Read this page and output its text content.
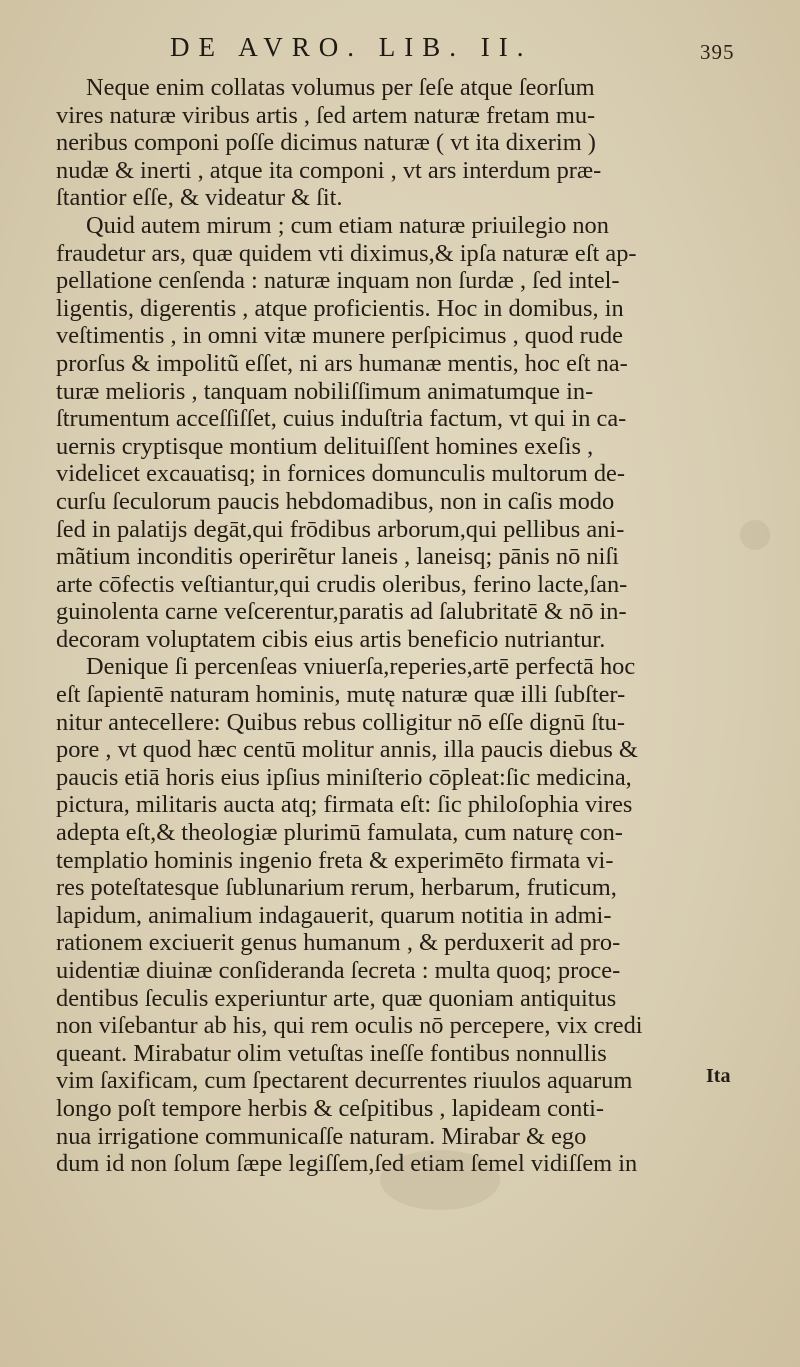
DE AVRO. LIB. II.	395
Neque enim collatas volumus per ſeſe atque ſeorſum
vires naturæ viribus artis , ſed artem naturæ fretam mu-
neribus componi poſſe dicimus naturæ ( vt ita dixerim )
nudæ & inerti , atque ita componi , vt ars interdum præ-
ſtantior eſſe, & videatur & ſit.
Quid autem mirum ; cum etiam naturæ priuilegio non
fraudetur ars, quæ quidem vti diximus,& ipſa naturæ eſt ap-
pellatione cenſenda : naturæ inquam non ſurdæ , ſed intel-
ligentis, digerentis , atque proficientis. Hoc in domibus, in
veſtimentis , in omni vitæ munere perſpicimus , quod rude
prorſus & impolitũ eſſet, ni ars humanæ mentis, hoc eſt na-
turæ melioris , tanquam nobiliſſimum animatumque in-
ſtrumentum acceſſiſſet, cuius induſtria factum, vt qui in ca-
uernis cryptisque montium delituiſſent homines exeſis ,
videlicet excauatisq; in fornices domunculis multorum de-
curſu ſeculorum paucis hebdomadibus, non in caſis modo
ſed in palatijs degāt,qui frōdibus arborum,qui pellibus ani-
mãtium inconditis operirẽtur laneis , laneisq; pānis nō niſi
arte cōfectis veſtiantur,qui crudis oleribus, ferino lacte,ſan-
guinolenta carne veſcerentur,paratis ad ſalubritatē & nō in-
decoram voluptatem cibis eius artis beneficio nutriantur.
Denique ſi percenſeas vniuerſa,reperies,artē perfectā hoc
eſt ſapientē naturam hominis, mutę naturæ quæ illi ſubſter-
nitur antecellere: Quibus rebus colligitur nō eſſe dignū ſtu-
pore , vt quod hæc centū molitur annis, illa paucis diebus &
paucis etiā horis eius ipſius miniſterio cōpleat:ſic medicina,
pictura, militaris aucta atq; firmata eſt: ſic philoſophia vires
adepta eſt,& theologiæ plurimū famulata, cum naturę con-
templatio hominis ingenio freta & experimēto firmata vi-
res poteſtatesque ſublunarium rerum, herbarum, fruticum,
lapidum, animalium indagauerit, quarum notitia in admi-
rationem exciuerit genus humanum , & perduxerit ad pro-
uidentiæ diuinæ conſideranda ſecreta : multa quoq; proce-
dentibus ſeculis experiuntur arte, quæ quoniam antiquitus
non viſebantur ab his, qui rem oculis nō percepere, vix credi
queant. Mirabatur olim vetuſtas ineſſe fontibus nonnullis
vim ſaxificam, cum ſpectarent decurrentes riuulos aquarum
longo poſt tempore herbis & ceſpitibus , lapideam conti-
nua irrigatione communicaſſe naturam. Mirabar & ego
dum id non ſolum ſæpe legiſſem,ſed etiam ſemel vidiſſem in
Ita
